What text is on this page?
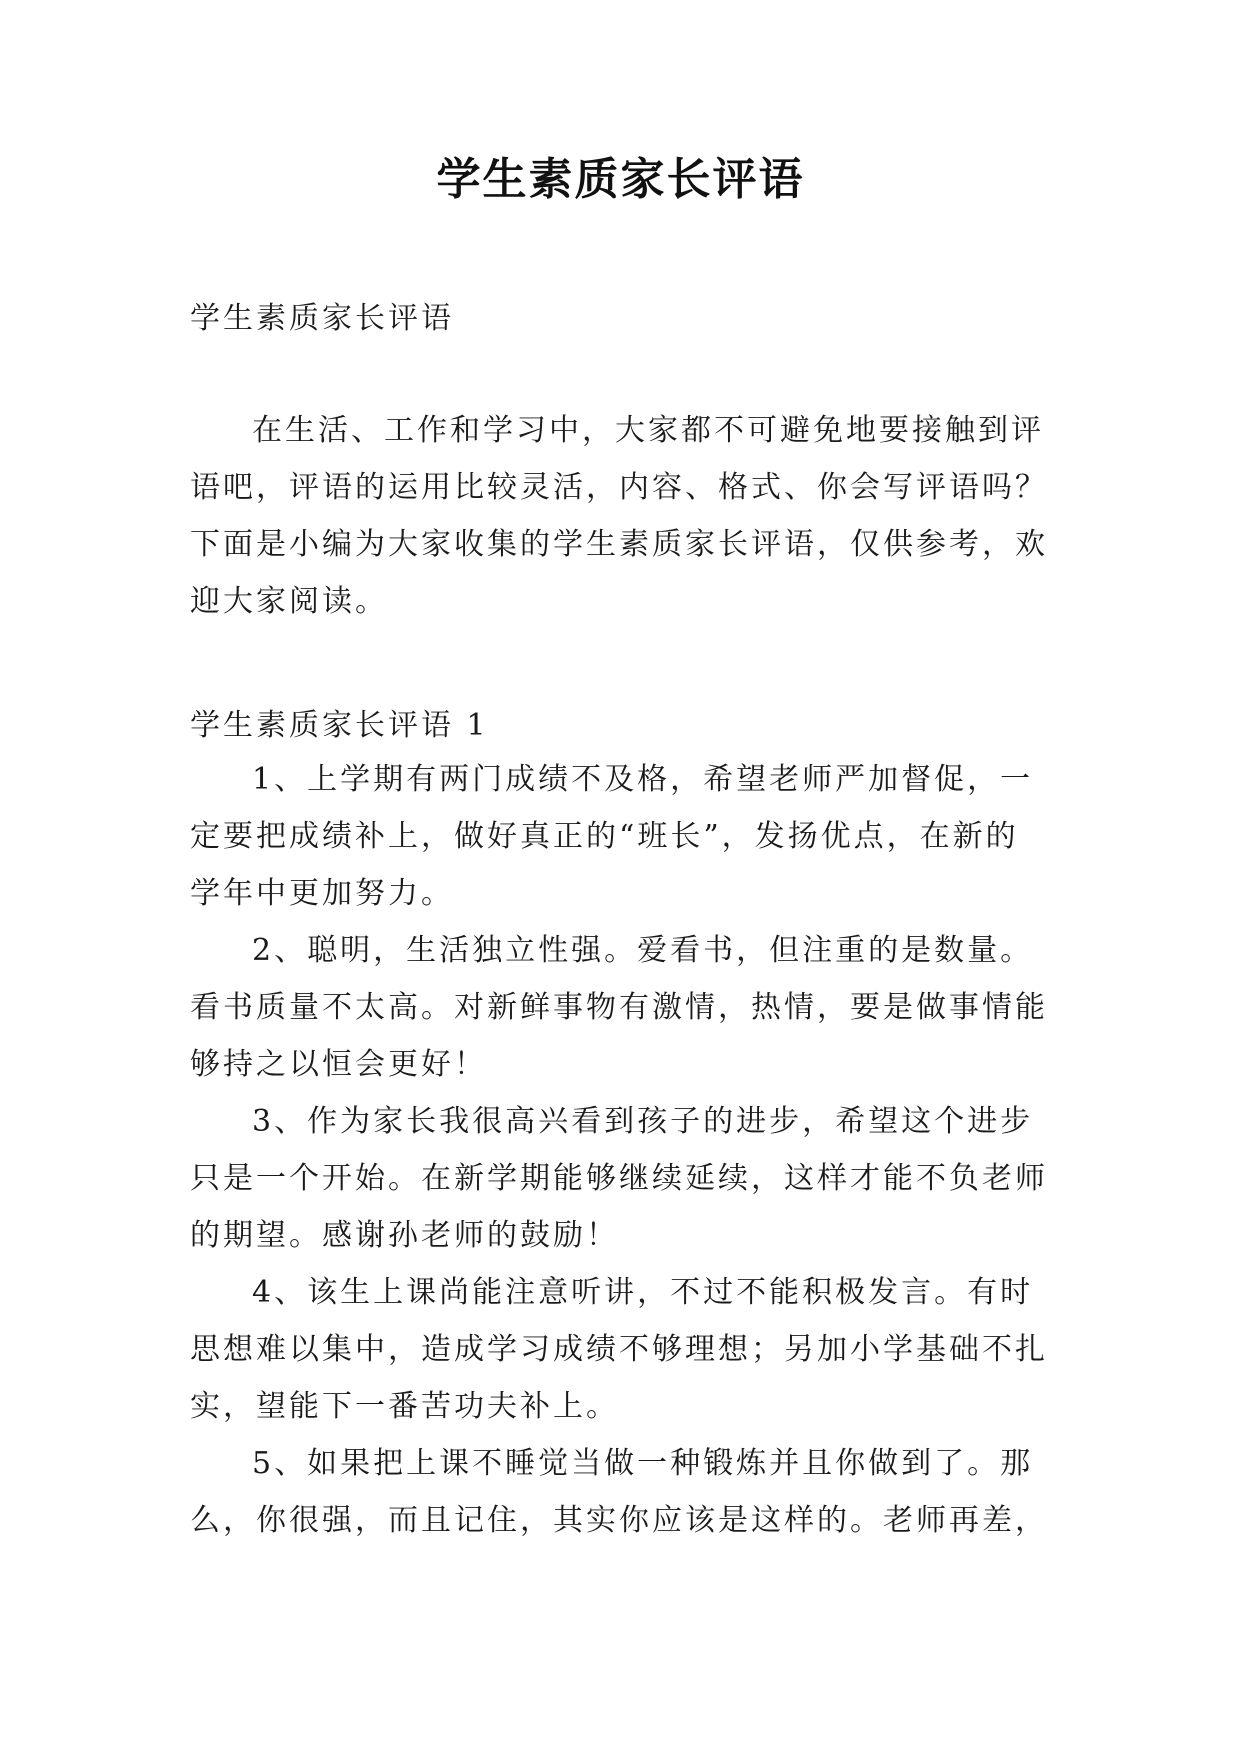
学生素质家长评语

学生素质家长评语

在生活、工作和学习中，大家都不可避免地要接触到评语吧，评语的运用比较灵活，内容、格式、你会写评语吗？下面是小编为大家收集的学生素质家长评语，仅供参考，欢迎大家阅读。

学生素质家长评语 1

1、上学期有两门成绩不及格，希望老师严加督促，一定要把成绩补上，做好真正的“班长”，发扬优点，在新的学年中更加努力。
2、聪明，生活独立性强。爱看书，但注重的是数量。看书质量不太高。对新鲜事物有激情，热情，要是做事情能够持之以恒会更好！
3、作为家长我很高兴看到孩子的进步，希望这个进步只是一个开始。在新学期能够继续延续，这样才能不负老师的期望。感谢孙老师的鼓励！
4、该生上课尚能注意听讲，不过不能积极发言。有时思想难以集中，造成学习成绩不够理想；另加小学基础不扎实，望能下一番苦功夫补上。
5、如果把上课不睡觉当做一种锻炼并且你做到了。那么，你很强，而且记住，其实你应该是这样的。老师再差，
